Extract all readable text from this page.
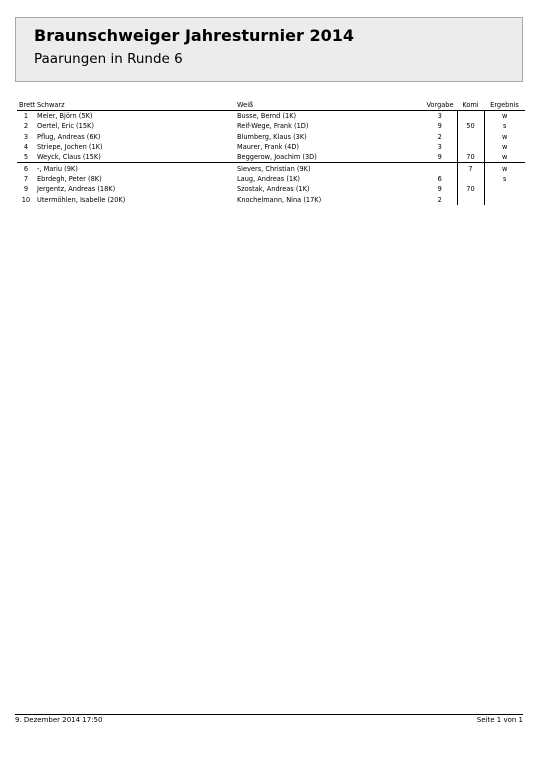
Braunschweiger Jahresturnier 2014
Paarungen in Runde 6
Brett	Schwarz	Weiß	Vorgabe	Komi	Ergebnis
1	Meier, Björn (5K)	Busse, Bernd (1K)	3		w
2	Oertel, Eric (15K)	Reif-Wege, Frank (1D)	9	50	s
3	Pflug, Andreas (6K)	Blumberg, Klaus (3K)	2		w
4	Striepe, Jochen (1K)	Maurer, Frank (4D)	3		w
5	Weyck, Claus (15K)	Beggerow, Joachim (3D)	9	70	w
6	-, Mariu (9K)	Sievers, Christian (9K)		7	w
7	Ebrdegh, Peter (8K)	Laug, Andreas (1K)	6		s
9	Jergentz, Andreas (18K)	Szostak, Andreas (1K)	9	70	
10	Utermöhlen, Isabelle (20K)	Knochelmann, Nina (17K)	2		
9. Dezember 2014 17:50	Seite 1 von 1
